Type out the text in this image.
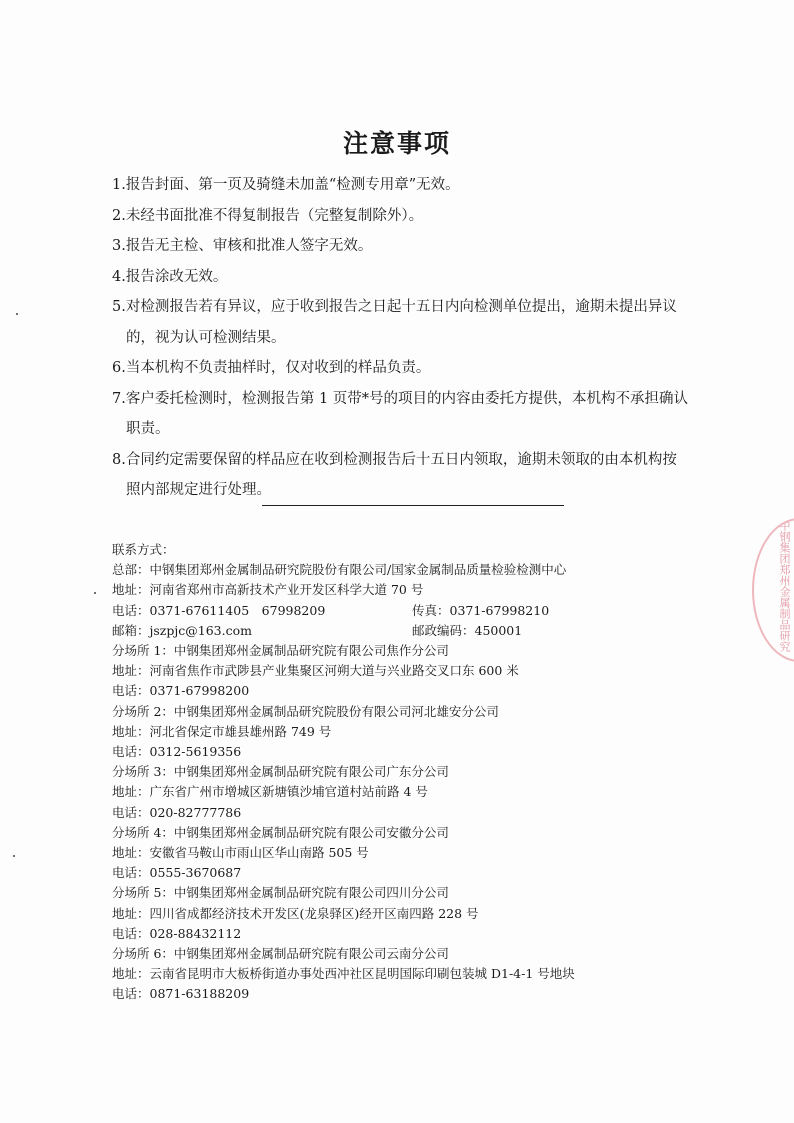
注意事项
1.报告封面、第一页及骑缝未加盖“检测专用章”无效。
2.未经书面批准不得复制报告（完整复制除外）。
3.报告无主检、审核和批准人签字无效。
4.报告涂改无效。
5.对检测报告若有异议，应于收到报告之日起十五日内向检测单位提出，逾期未提出异议
的，视为认可检测结果。
6.当本机构不负责抽样时，仅对收到的样品负责。
7.客户委托检测时，检测报告第 1 页带*号的项目的内容由委托方提供，本机构不承担确认
职责。
8.合同约定需要保留的样品应在收到检测报告后十五日内领取，逾期未领取的由本机构按
照内部规定进行处理。
联系方式：
总部：中钢集团郑州金属制品研究院股份有限公司/国家金属制品质量检验检测中心
地址：河南省郑州市高新技术产业开发区科学大道 70 号
电话：0371-67611405　67998209	传真：0371-67998210
邮箱：jszpjc@163.com	邮政编码：450001
分场所 1：中钢集团郑州金属制品研究院有限公司焦作分公司
地址：河南省焦作市武陟县产业集聚区河朔大道与兴业路交叉口东 600 米
电话：0371-67998200
分场所 2：中钢集团郑州金属制品研究院股份有限公司河北雄安分公司
地址：河北省保定市雄县雄州路 749 号
电话：0312-5619356
分场所 3：中钢集团郑州金属制品研究院有限公司广东分公司
地址：广东省广州市增城区新塘镇沙埔官道村站前路 4 号
电话：020-82777786
分场所 4：中钢集团郑州金属制品研究院有限公司安徽分公司
地址：安徽省马鞍山市雨山区华山南路 505 号
电话：0555-3670687
分场所 5：中钢集团郑州金属制品研究院有限公司四川分公司
地址：四川省成都经济技术开发区(龙泉驿区)经开区南四路 228 号
电话：028-88432112
分场所 6：中钢集团郑州金属制品研究院有限公司云南分公司
地址：云南省昆明市大板桥街道办事处西冲社区昆明国际印刷包装城 D1-4-1 号地块
电话：0871-63188209
中钢集团郑州金属制品研究院
